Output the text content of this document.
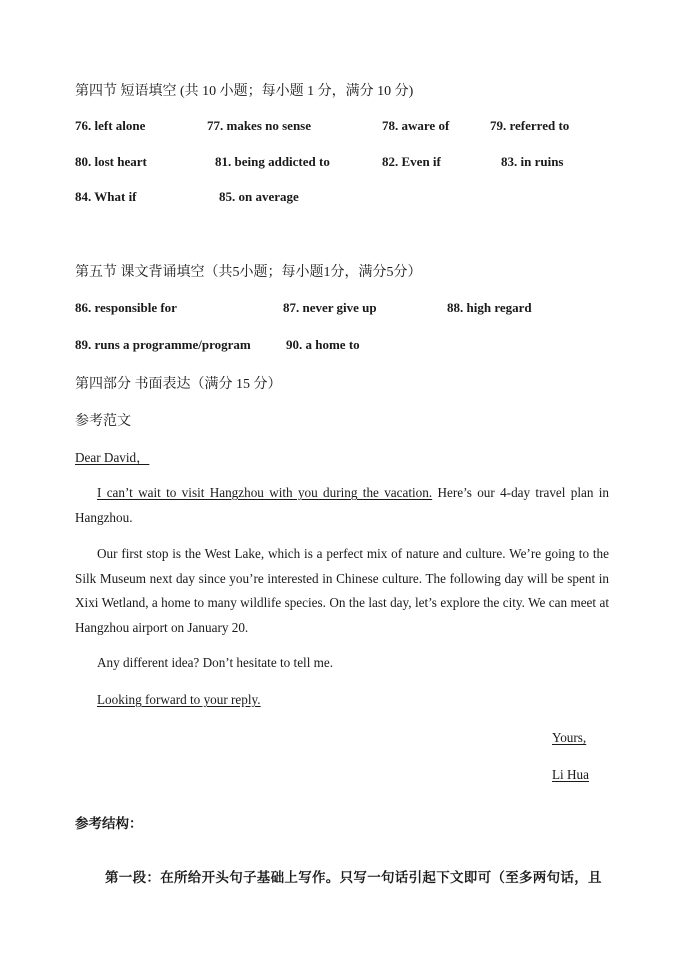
第四节 短语填空 (共 10 小题；每小题 1 分，满分 10 分)
76. left alone	77. makes no sense	78. aware of	79. referred to
80. lost heart	81. being addicted to	82. Even if	83. in ruins
84. What if	85. on average
第五节 课文背诵填空（共5小题；每小题1分，满分5分）
86. responsible for	87. never give up	88. high regard
89. runs a programme/program	90. a home to
第四部分 书面表达（满分 15 分）
参考范文
Dear David，
I can’t wait to visit Hangzhou with you during the vacation. Here’s our 4-day travel plan in Hangzhou.
Our first stop is the West Lake, which is a perfect mix of nature and culture. We’re going to the Silk Museum next day since you’re interested in Chinese culture. The following day will be spent in Xixi Wetland, a home to many wildlife species. On the last day, let’s explore the city. We can meet at Hangzhou airport on January 20.
Any different idea? Don’t hesitate to tell me.
Looking forward to your reply.
Yours,
Li Hua
参考结构：
第一段：在所给开头句子基础上写作。只写一句话引起下文即可（至多两句话，且
